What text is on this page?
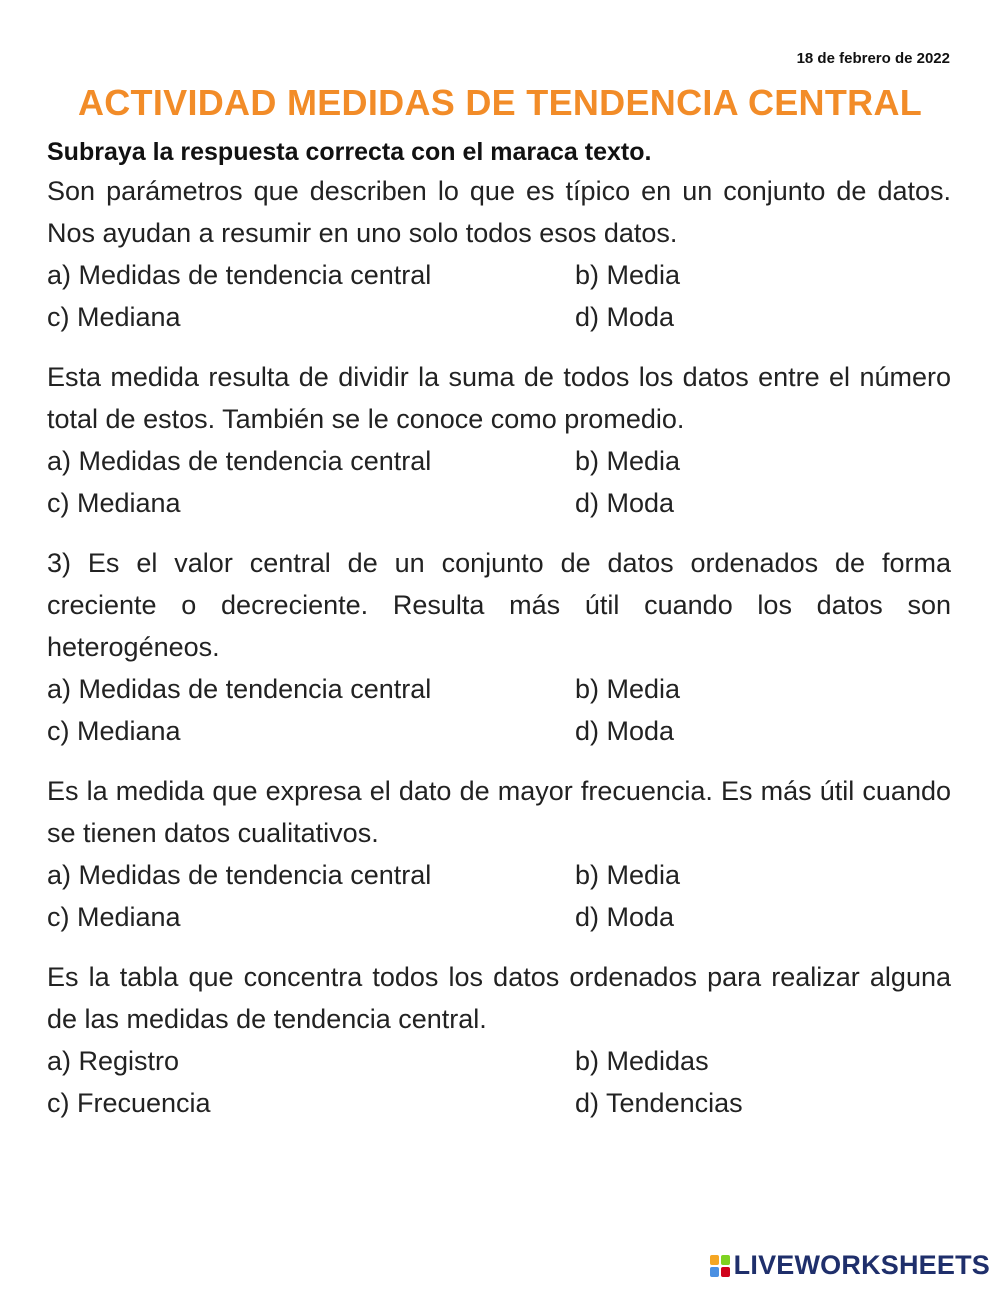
18 de febrero de 2022
ACTIVIDAD MEDIDAS DE TENDENCIA CENTRAL
Subraya la respuesta correcta con el maraca texto.

Son parámetros que describen lo que es típico en un conjunto de datos. Nos ayudan a resumir en uno solo todos esos datos.

a) Medidas de tendencia central	b) Media
c) Mediana	d) Moda

Esta medida resulta de dividir la suma de todos los datos entre el número total de estos. También se le conoce como promedio.

a) Medidas de tendencia central	b) Media
c) Mediana	d) Moda

3) Es el valor central de un conjunto de datos ordenados de forma creciente o decreciente. Resulta más útil cuando los datos son heterogéneos.

a) Medidas de tendencia central	b) Media
c) Mediana	d) Moda

Es la medida que expresa el dato de mayor frecuencia. Es más útil cuando se tienen datos cualitativos.

a) Medidas de tendencia central	b) Media
c) Mediana	d) Moda

Es la tabla que concentra todos los datos ordenados para realizar alguna de las medidas de tendencia central.

a) Registro	b) Medidas
c) Frecuencia	d) Tendencias
LIVEWORKSHEETS
